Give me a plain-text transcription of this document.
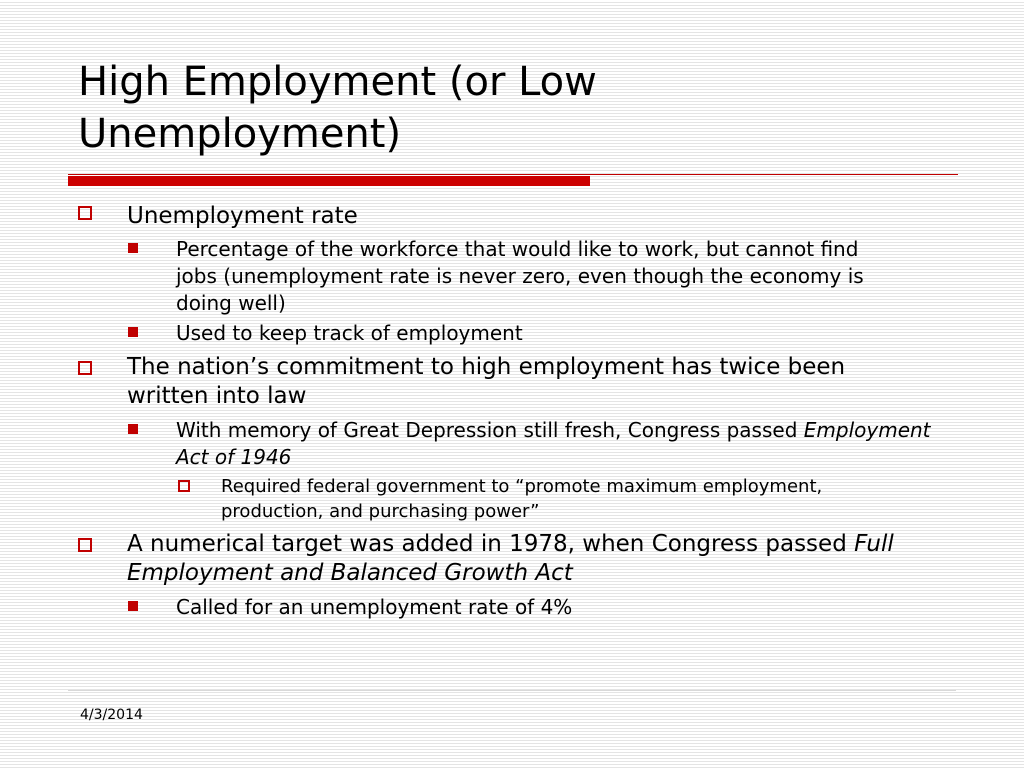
High Employment (or Low
Unemployment)
Unemployment rate
Percentage of the workforce that would like to work, but cannot find jobs (unemployment rate is never zero, even though the economy is doing well)
Used to keep track of employment
The nation’s commitment to high employment has twice been written into law
With memory of Great Depression still fresh, Congress passed Employment Act of 1946
Required federal government to “promote maximum employment, production, and purchasing power”
A numerical target was added in 1978, when Congress passed Full Employment and Balanced Growth Act
Called for an unemployment rate of 4%
4/3/2014
